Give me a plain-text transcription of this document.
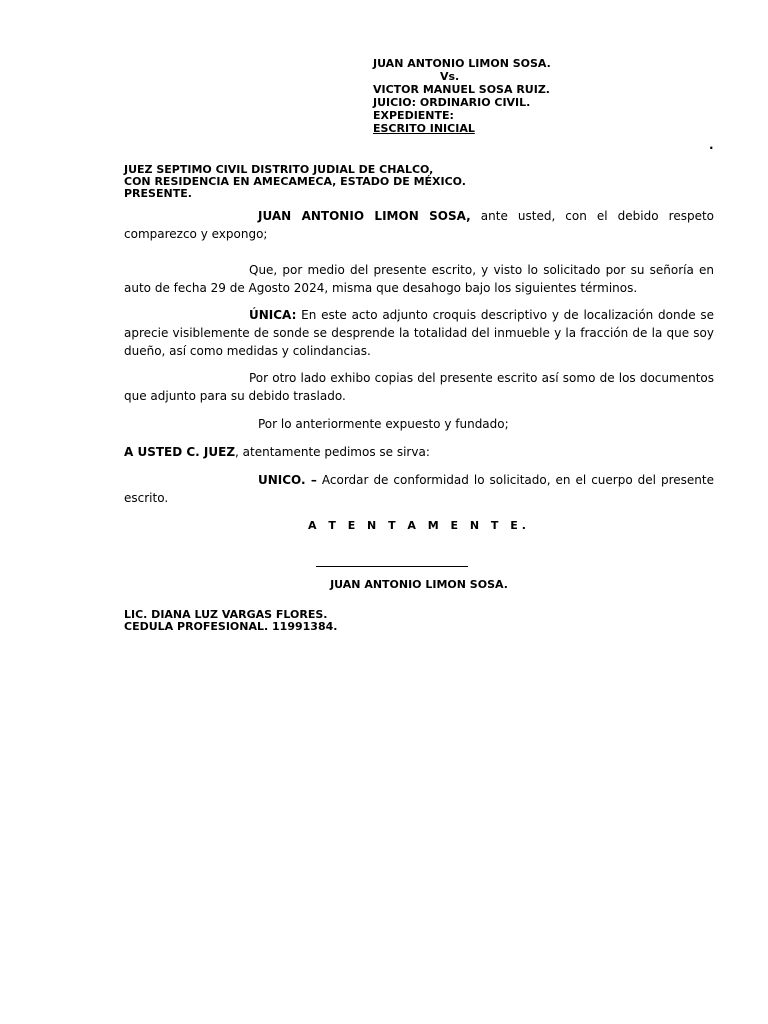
JUAN ANTONIO LIMON SOSA.
Vs.
VICTOR MANUEL SOSA RUIZ.
JUICIO: ORDINARIO CIVIL.
EXPEDIENTE:
ESCRITO INICIAL
.
JUEZ SEPTIMO CIVIL DISTRITO JUDIAL DE CHALCO,
CON RESIDENCIA EN AMECAMECA, ESTADO DE MÉXICO.
PRESENTE.
JUAN ANTONIO LIMON SOSA, ante usted, con el debido respeto comparezco y expongo;
Que, por medio del presente escrito, y visto lo solicitado por su señoría en auto de fecha 29 de Agosto 2024, misma que desahogo bajo los siguientes términos.
ÚNICA: En este acto adjunto croquis descriptivo y de localización donde se aprecie visiblemente de sonde se desprende la totalidad del inmueble y la fracción de la que soy dueño, así como medidas y colindancias.
Por otro lado exhibo copias del presente escrito así somo de los documentos que adjunto para su debido traslado.
Por lo anteriormente expuesto y fundado;
A USTED C. JUEZ, atentamente pedimos se sirva:
UNICO. – Acordar de conformidad lo solicitado, en el cuerpo del presente escrito.
A T E N T A M E N T E.
JUAN ANTONIO LIMON SOSA.
LIC. DIANA LUZ VARGAS FLORES.
CEDULA PROFESIONAL. 11991384.
